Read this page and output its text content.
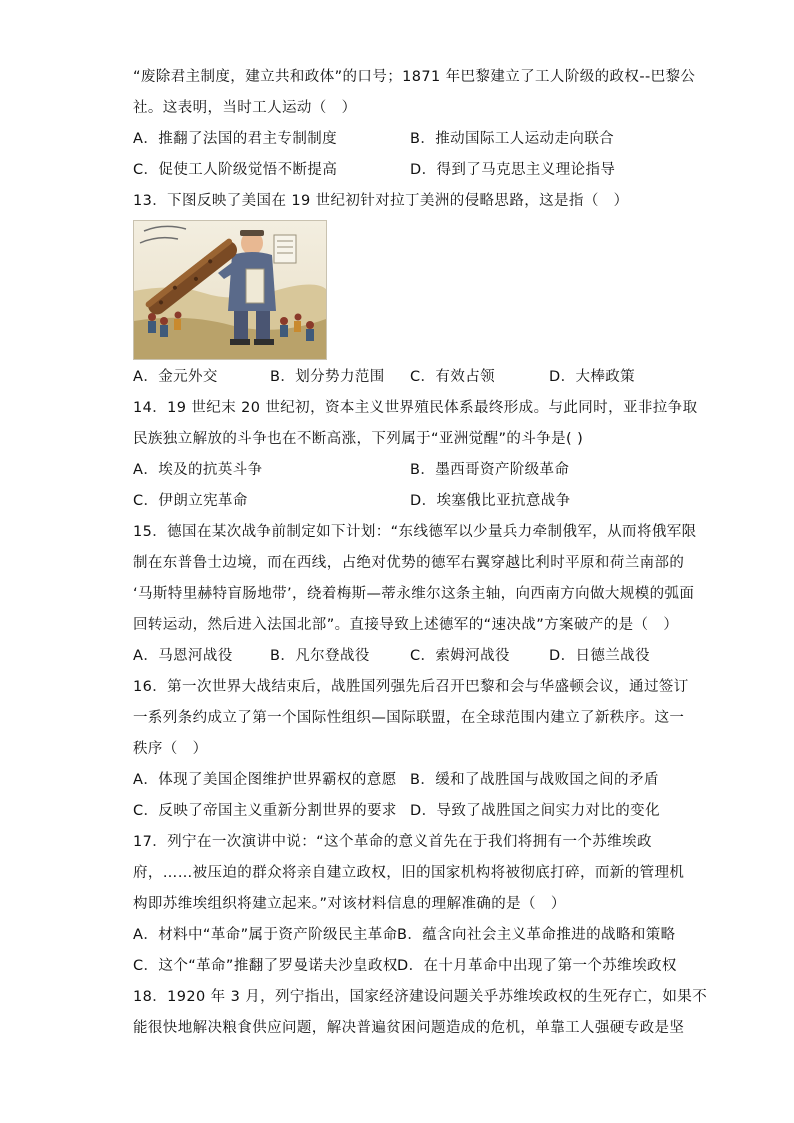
“废除君主制度，建立共和政体”的口号；1871 年巴黎建立了工人阶级的政权--巴黎公
社。这表明，当时工人运动（　）
A．推翻了法国的君主专制制度	B．推动国际工人运动走向联合
C．促使工人阶级觉悟不断提高	D．得到了马克思主义理论指导
13．下图反映了美国在 19 世纪初针对拉丁美洲的侵略思路，这是指（　）
A．金元外交	B．划分势力范围 C．有效占领	D．大棒政策
14．19 世纪末 20 世纪初，资本主义世界殖民体系最终形成。与此同时，亚非拉争取
民族独立解放的斗争也在不断高涨，下列属于“亚洲觉醒”的斗争是( )
A．埃及的抗英斗争	B．墨西哥资产阶级革命
C．伊朗立宪革命	D．埃塞俄比亚抗意战争
15．德国在某次战争前制定如下计划：“东线德军以少量兵力牵制俄军，从而将俄军限
制在东普鲁士边境，而在西线，占绝对优势的德军右翼穿越比利时平原和荷兰南部的
‘马斯特里赫特盲肠地带’，绕着梅斯—蒂永维尔这条主轴，向西南方向做大规模的弧面
回转运动，然后进入法国北部”。直接导致上述德军的“速决战”方案破产的是（　）
A．马恩河战役	B．凡尔登战役	C．索姆河战役	D．日德兰战役
16．第一次世界大战结束后，战胜国列强先后召开巴黎和会与华盛顿会议，通过签订
一系列条约成立了第一个国际性组织—国际联盟，在全球范围内建立了新秩序。这一
秩序（　）
A．体现了美国企图维护世界霸权的意愿 B．缓和了战胜国与战败国之间的矛盾
C．反映了帝国主义重新分割世界的要求 D．导致了战胜国之间实力对比的变化
17．列宁在一次演讲中说：“这个革命的意义首先在于我们将拥有一个苏维埃政
府，……被压迫的群众将亲自建立政权，旧的国家机构将被彻底打碎，而新的管理机
构即苏维埃组织将建立起来。”对该材料信息的理解准确的是（　）
A．材料中“革命”属于资产阶级民主革命 B．蕴含向社会主义革命推进的战略和策略
C．这个“革命”推翻了罗曼诺夫沙皇政权 D．在十月革命中出现了第一个苏维埃政权
18．1920 年 3 月，列宁指出，国家经济建设问题关乎苏维埃政权的生死存亡，如果不
能很快地解决粮食供应问题，解决普遍贫困问题造成的危机，单靠工人强硬专政是坚
